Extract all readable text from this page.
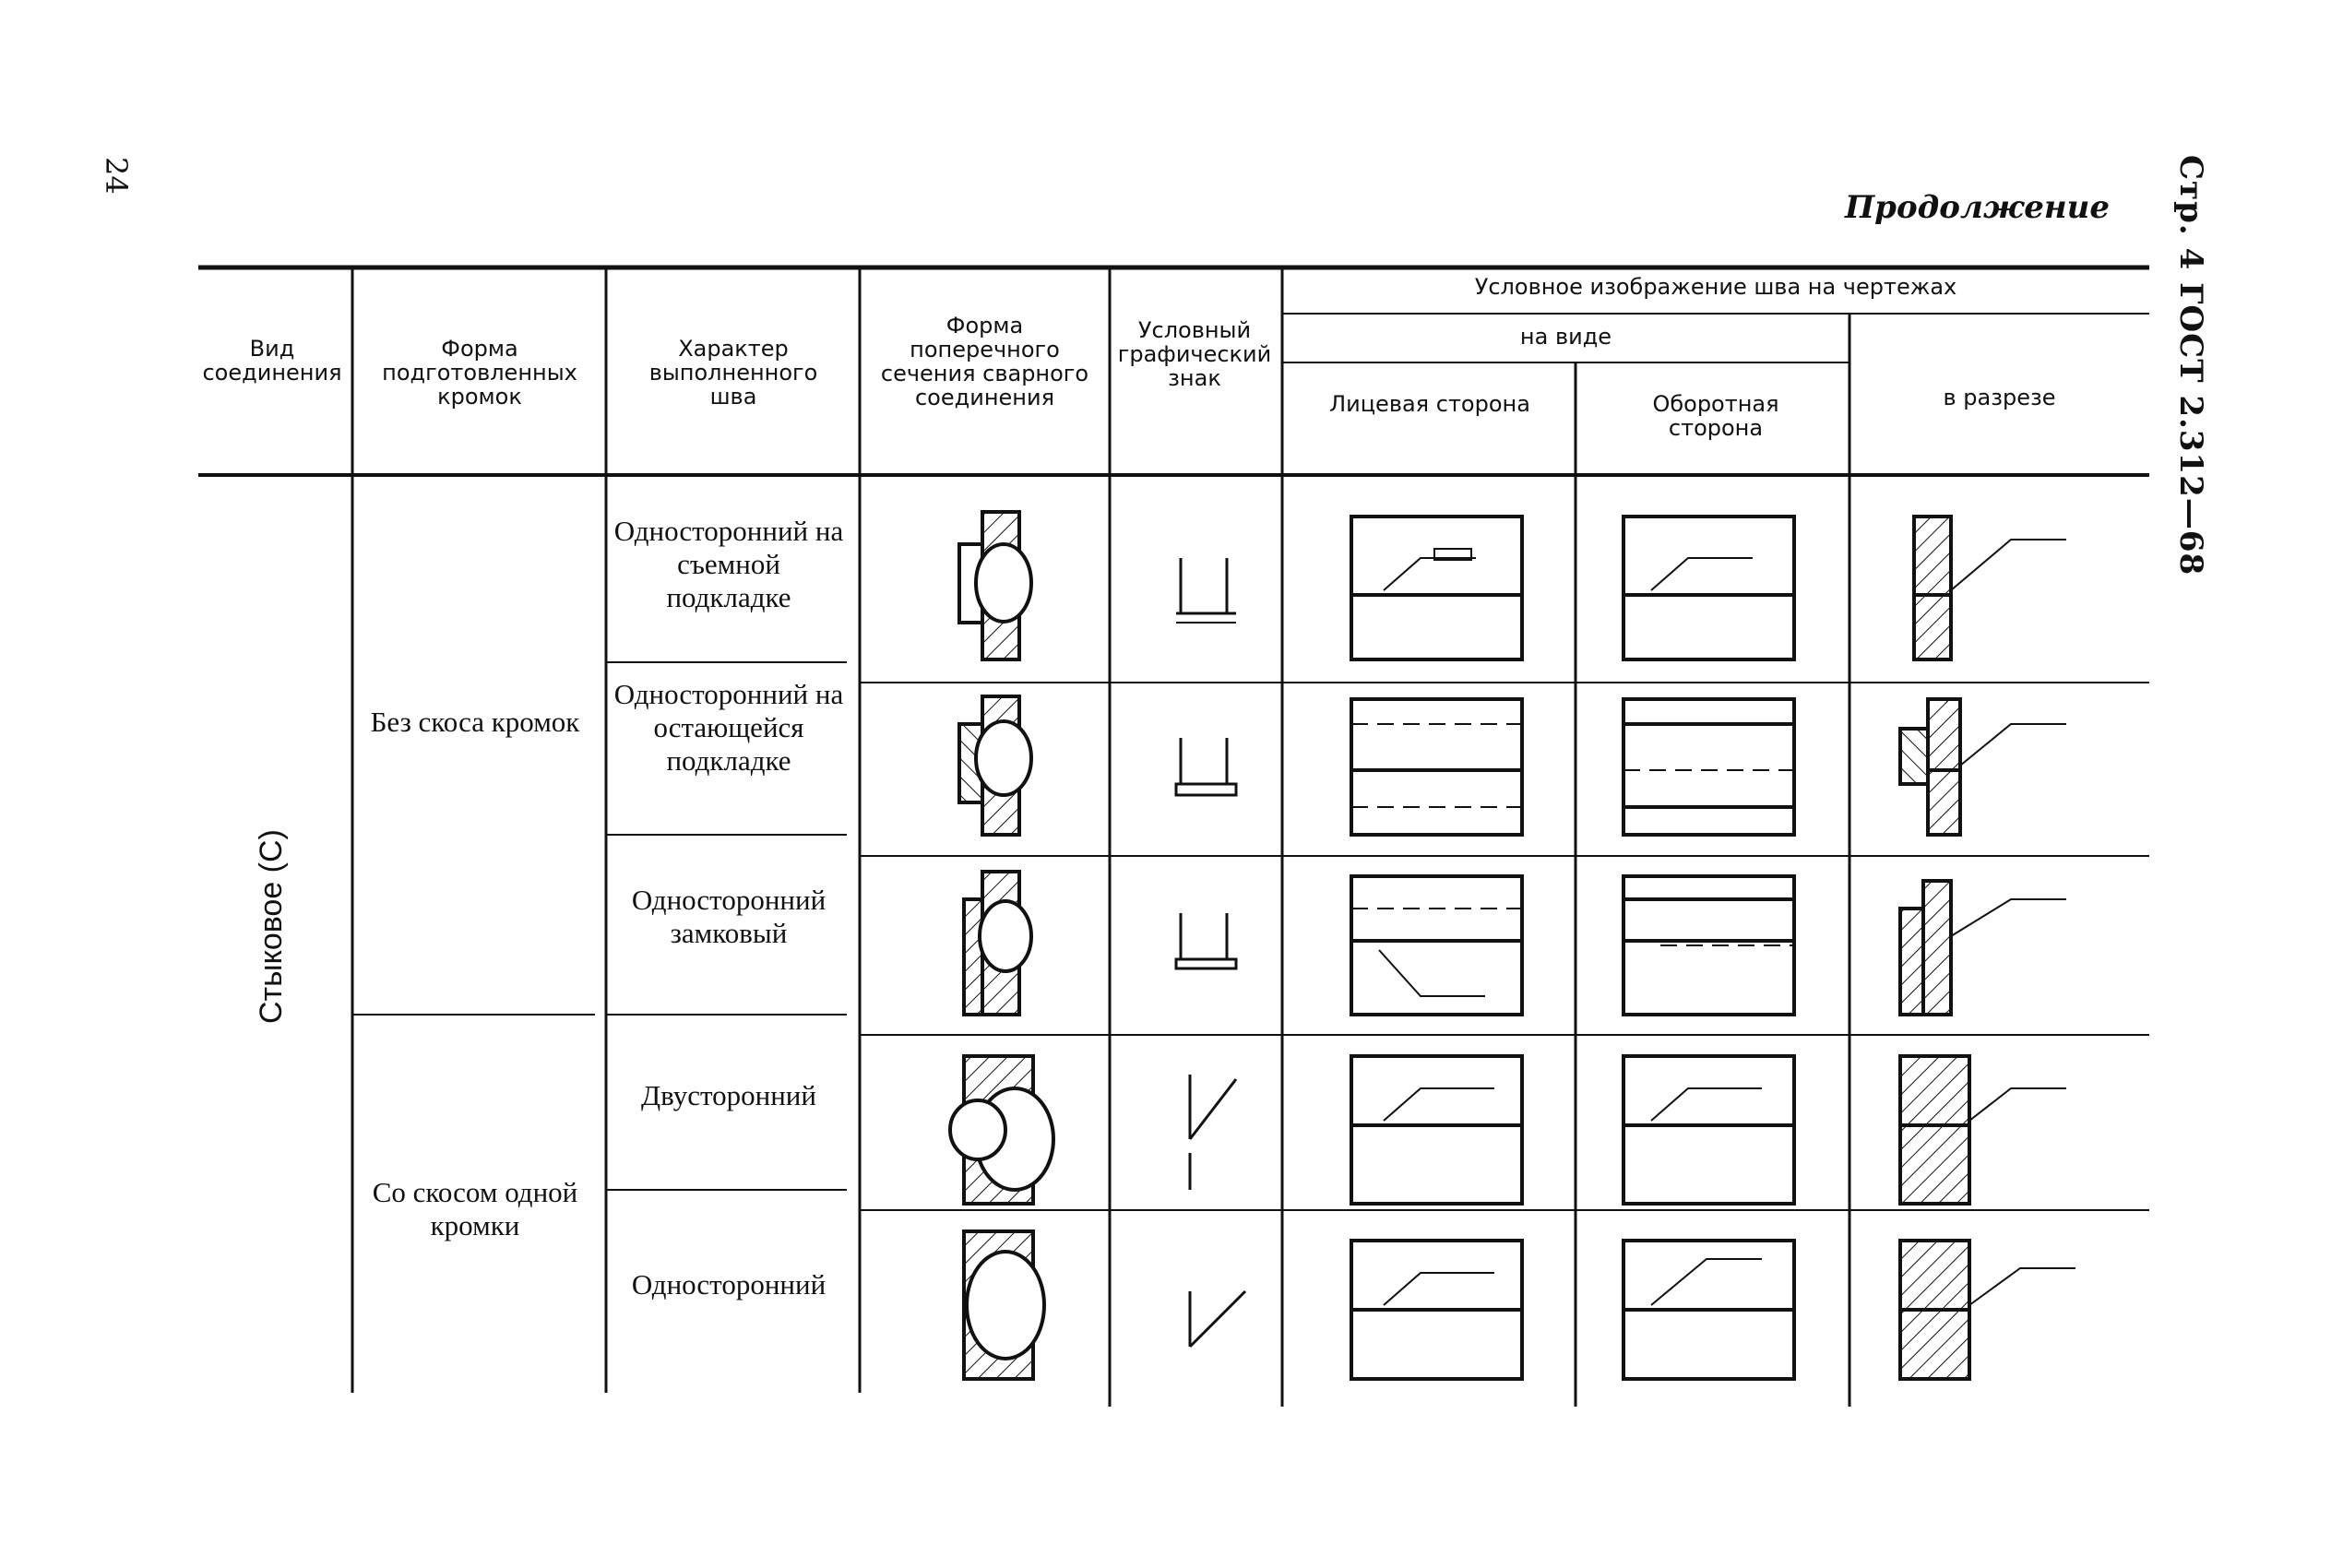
24
Продолжение Стр. 4 ГОСТ 2.312—68
Вид соединения
Форма подготовленных кромок
Характер выполненного шва
Форма поперечного сечения сварного соединения
Условный графический знак
Условное изображение шва на чертежах
на виде
Лицевая сторона	Оборотная сторона
в разрезе
Стыковое (С)
Без скоса кромок
Со скосом одной кромки
Односторонний на съемной подкладке
Односторонний на остающейся подкладке
Односторонний замковый
Двусторонний
Односторонний
